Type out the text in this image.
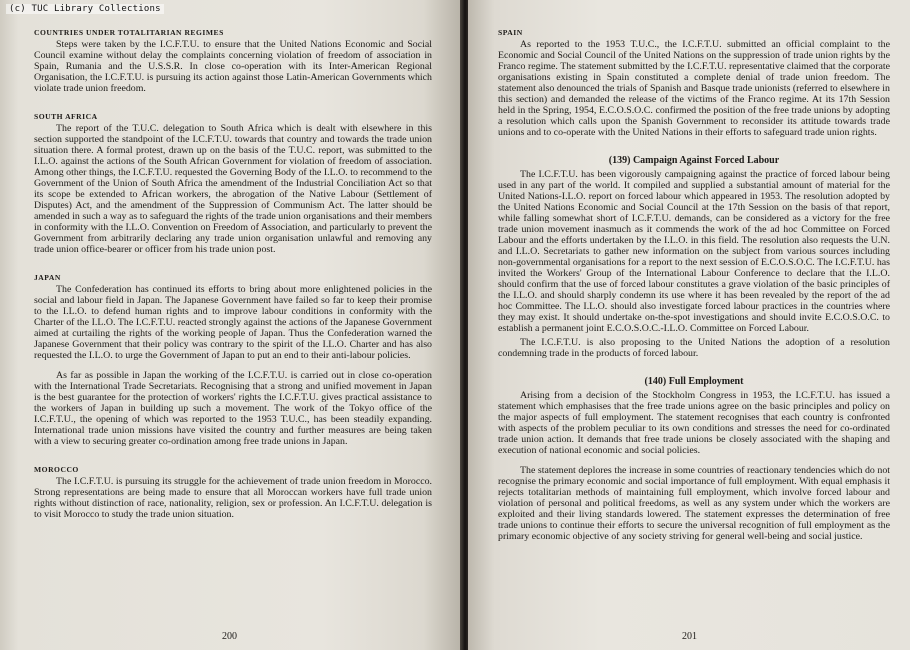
COUNTRIES UNDER TOTALITARIAN REGIMES

Steps were taken by the I.C.F.T.U. to ensure that the United Nations Economic and Social Council examine without delay the complaints concerning violation of freedom of association in Spain, Rumania and the U.S.S.R. In close co-operation with its Inter-American Regional Organisation, the I.C.F.T.U. is pursuing its action against those Latin-American Governments which violate trade union freedom.

SOUTH AFRICA

The report of the T.U.C. delegation to South Africa which is dealt with elsewhere in this section supported the standpoint of the I.C.F.T.U. towards that country and towards the trade union situation there. A formal protest, drawn up on the basis of the T.U.C. report, was submitted to the I.L.O. against the actions of the South African Government for violation of freedom of association. Among other things, the I.C.F.T.U. requested the Governing Body of the I.L.O. to recommend to the Government of the Union of South Africa the amendment of the Industrial Conciliation Act so that its scope be extended to African workers, the abrogation of the Native Labour (Settlement of Disputes) Act, and the amendment of the Suppression of Communism Act. The latter should be amended in such a way as to safeguard the rights of the trade union organisations and their members in conformity with the I.L.O. Convention on Freedom of Association, and particularly to prevent the Government from arbitrarily declaring any trade union organisation unlawful and removing any trade union office-bearer or officer from his trade union post.

JAPAN

The Confederation has continued its efforts to bring about more enlightened policies in the social and labour field in Japan. The Japanese Government have failed so far to keep their promise to the I.L.O. to defend human rights and to improve labour conditions in conformity with the Charter of the I.L.O. The I.C.F.T.U. reacted strongly against the actions of the Japanese Government aimed at curtailing the rights of the working people of Japan. Thus the Confederation warned the Japanese Government that their policy was contrary to the spirit of the I.L.O. Charter and has also requested the I.L.O. to urge the Government of Japan to put an end to their anti-labour policies.

As far as possible in Japan the working of the I.C.F.T.U. is carried out in close co-operation with the International Trade Secretariats. Recognising that a strong and unified movement in Japan is the best guarantee for the protection of workers' rights the I.C.F.T.U. gives practical assistance to the workers of Japan in building up such a movement. The work of the Tokyo office of the I.C.F.T.U., the opening of which was reported to the 1953 T.U.C., has been steadily expanding. International trade union missions have visited the country and further measures are being taken with a view to securing greater co-ordination among free trade unions in Japan.

MOROCCO

The I.C.F.T.U. is pursuing its struggle for the achievement of trade union freedom in Morocco. Strong representations are being made to ensure that all Moroccan workers have full trade union rights without distinction of race, nationality, religion, sex or profession. An I.C.F.T.U. delegation is to visit Morocco to study the trade union situation.

200
SPAIN

As reported to the 1953 T.U.C., the I.C.F.T.U. submitted an official complaint to the Economic and Social Council of the United Nations on the suppression of trade union rights by the Franco regime. The statement submitted by the I.C.F.T.U. representative claimed that the corporate organisations existing in Spain constituted a complete denial of trade union freedom. The statement also denounced the trials of Spanish and Basque trade unionists (referred to elsewhere in this section) and demanded the release of the victims of the Franco regime. At its 17th Session held in the Spring, 1954, E.C.O.S.O.C. confirmed the position of the free trade unions by adopting a resolution which calls upon the Spanish Government to reconsider its attitude towards trade unions and to co-operate with the United Nations in their efforts to safeguard trade union rights.

(139) Campaign Against Forced Labour

The I.C.F.T.U. has been vigorously campaigning against the practice of forced labour being used in any part of the world. It compiled and supplied a substantial amount of material for the United Nations-I.L.O. report on forced labour which appeared in 1953. The resolution adopted by the United Nations Economic and Social Council at the 17th Session on the basis of that report, while falling somewhat short of I.C.F.T.U. demands, can be considered as a victory for the free trade union movement inasmuch as it commends the work of the ad hoc Committee on Forced Labour and the efforts undertaken by the I.L.O. in this field. The resolution also requests the U.N. and I.L.O. Secretariats to gather new information on the subject from various sources including non-governmental organisations for a report to the next session of E.C.O.S.O.C. The I.C.F.T.U. has invited the Workers' Group of the International Labour Conference to declare that the I.L.O. should confirm that the use of forced labour constitutes a grave violation of the basic principles of the I.L.O. and should sharply condemn its use where it has been revealed by the report of the ad hoc Committee. The I.L.O. should also investigate forced labour practices in the countries where they may exist. It should undertake on-the-spot investigations and should invite E.C.O.S.O.C. to establish a permanent joint E.C.O.S.O.C.-I.L.O. Committee on Forced Labour.

The I.C.F.T.U. is also proposing to the United Nations the adoption of a resolution condemning trade in the products of forced labour.

(140) Full Employment

Arising from a decision of the Stockholm Congress in 1953, the I.C.F.T.U. has issued a statement which emphasises that the free trade unions agree on the basic principles and policy on the major aspects of full employment. The statement recognises that each country is confronted with aspects of the problem peculiar to its own conditions and stresses the need for co-ordinated trade union action. It demands that free trade unions be closely associated with the shaping and execution of national economic and social policies.

The statement deplores the increase in some countries of reactionary tendencies which do not recognise the primary economic and social importance of full employment. With equal emphasis it rejects totalitarian methods of maintaining full employment, which involve forced labour and violation of personal and political freedoms, as well as any system under which the workers are exploited and their living standards lowered. The statement expresses the determination of free trade unions to continue their efforts to secure the universal recognition of full employment as the primary economic objective of any society striving for general well-being and social justice.

201
(c) TUC Library Collections
